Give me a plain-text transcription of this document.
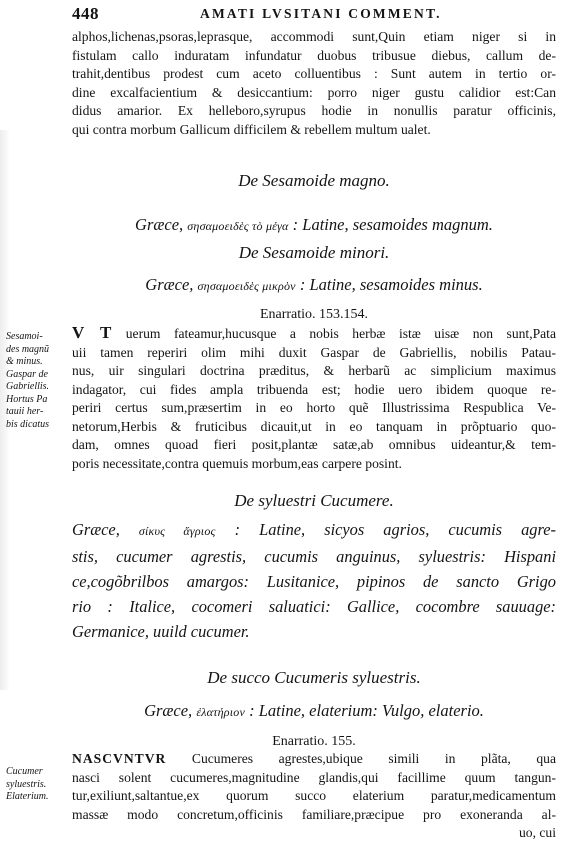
448	AMATI LVSITANI COMMENT.
alphos,lichenas,psoras,leprasque, accommodi sunt,Quin etiam niger si in
fistulam callo induratam infundatur duobus tribusue diebus, callum de-
trahit,dentibus prodest cum aceto colluentibus : Sunt autem in tertio or-
dine excalfacientium & desiccantium: porro niger gustu calidior est:Can
didus amarior. Ex helleboro,syrupus hodie in nonullis paratur officinis,
qui contra morbum Gallicum difficilem & rebellem multum ualet.
De Sesamoide magno.
Græce, σησαμοειδὲς τὸ μέγα : Latine, sesamoides magnum.
De Sesamoide minori.
Græce, σησαμοειδὲς μικρὸν : Latine, sesamoides minus.
Enarratio. 153.154.
Sesamoi-
des magnũ
& minus.
Gaspar de
Gabriellis.
Hortus Pa
tauii her-
bis dicatus
V T uerum fateamur,hucusque a nobis herbæ istæ uisæ non sunt,Pata
uii tamen reperiri olim mihi duxit Gaspar de Gabriellis, nobilis Patau-
nus, uir singulari doctrina præditus, & herbarũ ac simplicium maximus
indagator, cui fides ampla tribuenda est; hodie uero ibidem quoque re-
periri certus sum,præsertim in eo horto quẽ Illustrissima Respublica Ve-
netorum,Herbis & fruticibus dicauit,ut in eo tanquam in prõptuario quo-
dam, omnes quoad fieri posit,plantæ satæ,ab omnibus uideantur,& tem-
poris necessitate,contra quemuis morbum,eas carpere posint.
De syluestri Cucumere.
Græce, σίκυς ἄγριος : Latine, sicyos agrios, cucumis agre-
stis, cucumer agrestis, cucumis anguinus, syluestris: Hispani
ce,cogõbrilbos amargos: Lusitanice, pipinos de sancto Grigo
rio : Italice, cocomeri saluatici: Gallice, cocombre sauuage:
Germanice, uuild cucumer.
De succo Cucumeris syluestris.
Græce, ἐλατήριον : Latine, elaterium: Vulgo, elaterio.
Enarratio. 155.
Cucumer
syluestris.
Elaterium.
NASCVNTVR Cucumeres agrestes,ubique simili in plãta, qua
nasci solent cucumeres,magnitudine glandis,qui facillime quum tangun-
tur,exiliunt,saltantue,ex quorum succo elaterium paratur,medicamentum
massæ modo concretum,officinis familiare,præcipue pro exoneranda al-
uo, cui
